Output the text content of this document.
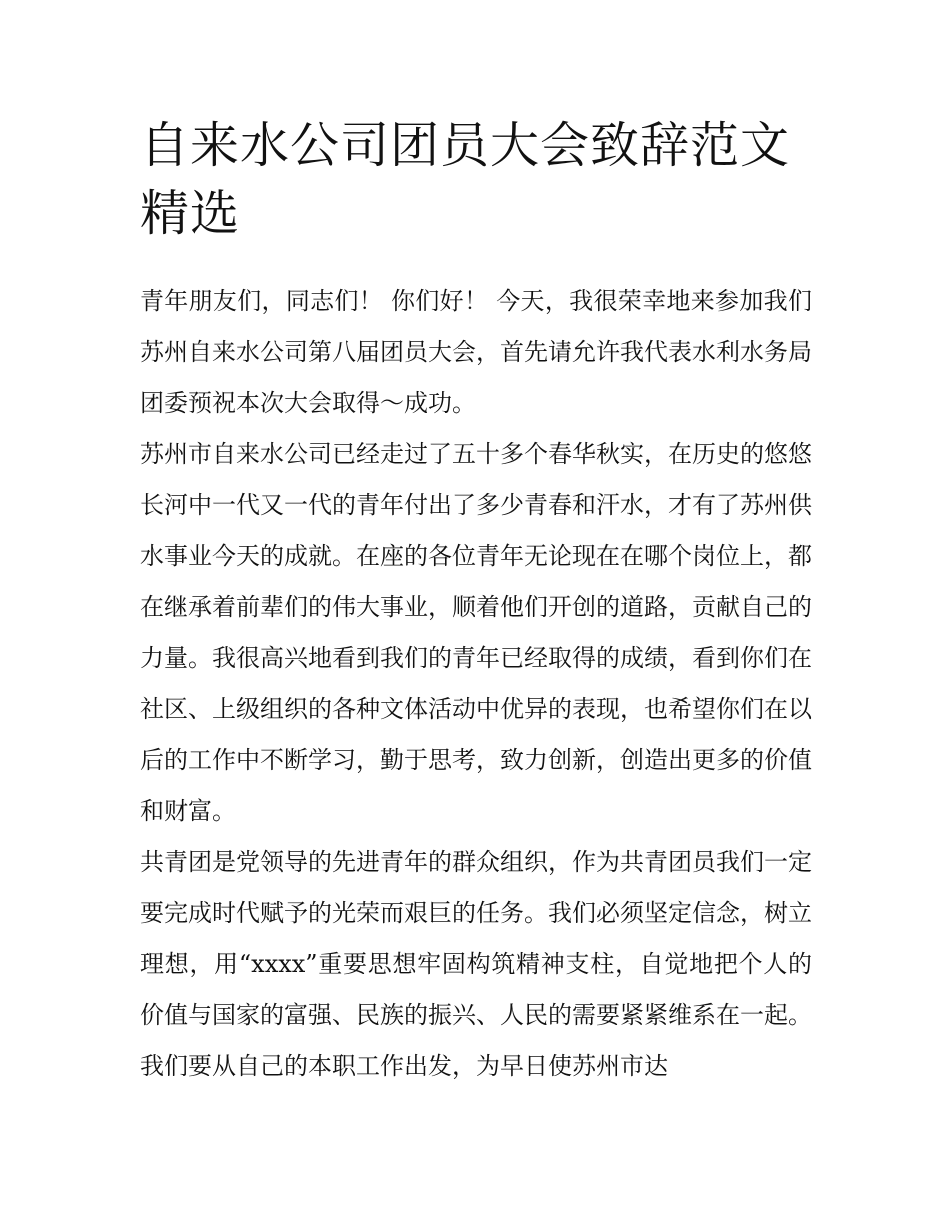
自来水公司团员大会致辞范文精选

青年朋友们，同志们！ 你们好！ 今天，我很荣幸地来参加我们苏州自来水公司第八届团员大会，首先请允许我代表水利水务局团委预祝本次大会取得～成功。

苏州市自来水公司已经走过了五十多个春华秋实，在历史的悠悠长河中一代又一代的青年付出了多少青春和汗水，才有了苏州供水事业今天的成就。在座的各位青年无论现在在哪个岗位上，都在继承着前辈们的伟大事业，顺着他们开创的道路，贡献自己的力量。我很高兴地看到我们的青年已经取得的成绩，看到你们在社区、上级组织的各种文体活动中优异的表现，也希望你们在以后的工作中不断学习，勤于思考，致力创新，创造出更多的价值和财富。

共青团是党领导的先进青年的群众组织，作为共青团员我们一定要完成时代赋予的光荣而艰巨的任务。我们必须坚定信念，树立理想，用“xxxx”重要思想牢固构筑精神支柱，自觉地把个人的价值与国家的富强、民族的振兴、人民的需要紧紧维系在一起。我们要从自己的本职工作出发，为早日使苏州市达
